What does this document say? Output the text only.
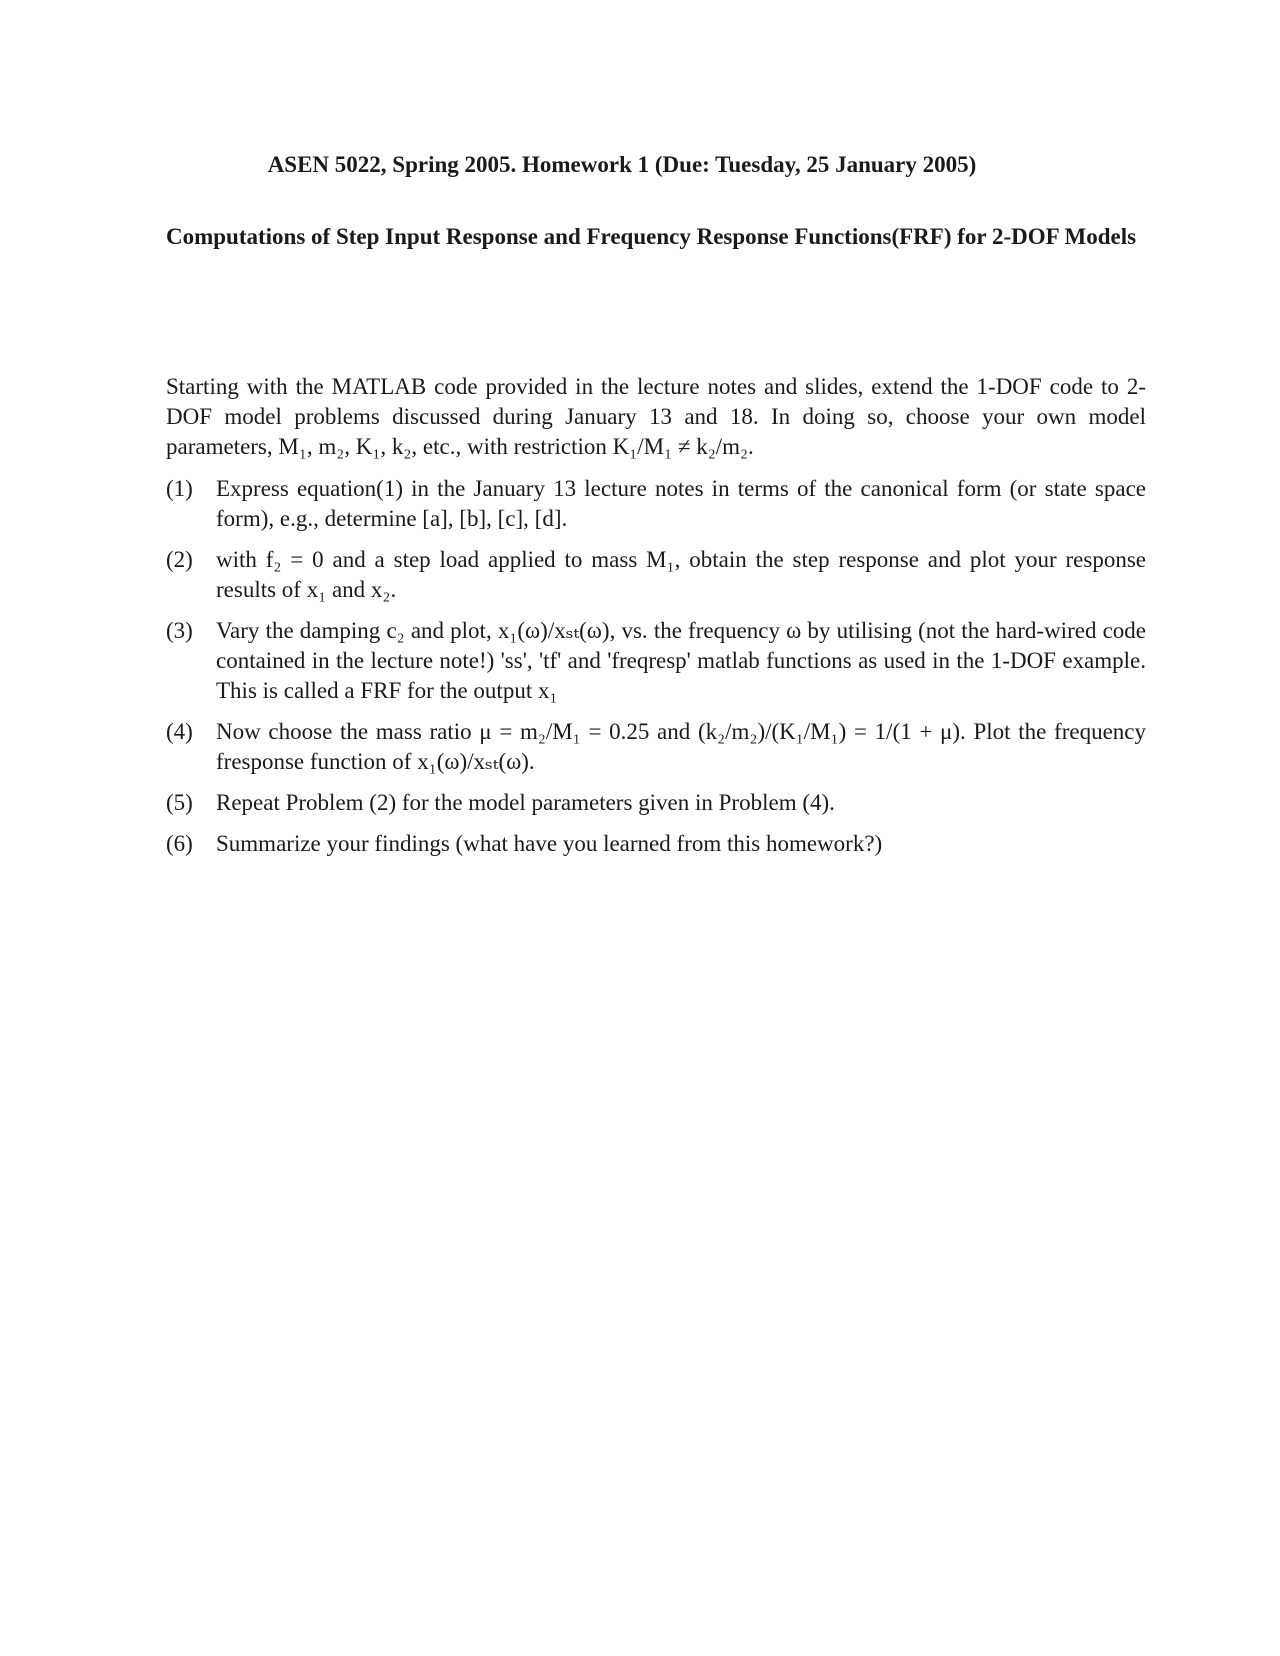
ASEN 5022, Spring 2005. Homework 1 (Due: Tuesday, 25 January 2005)
Computations of Step Input Response and Frequency Response Functions(FRF) for 2-DOF Models

Starting with the MATLAB code provided in the lecture notes and slides, extend the 1-DOF code to 2-DOF model problems discussed during January 13 and 18. In doing so, choose your own model parameters, M₁, m₂, K₁, k₂, etc., with restriction K₁/M₁ ≠ k₂/m₂.

(1) Express equation(1) in the January 13 lecture notes in terms of the canonical form (or state space form), e.g., determine [a], [b], [c], [d].
(2) with f₂ = 0 and a step load applied to mass M₁, obtain the step response and plot your response results of x₁ and x₂.
(3) Vary the damping c₂ and plot, x₁(ω)/xₛₜ(ω), vs. the frequency ω by utilising (not the hard-wired code contained in the lecture note!) 'ss', 'tf' and 'freqresp' matlab functions as used in the 1-DOF example. This is called a FRF for the output x₁
(4) Now choose the mass ratio μ = m₂/M₁ = 0.25 and (k₂/m₂)/(K₁/M₁) = 1/(1 + μ). Plot the frequency fresponse function of x₁(ω)/xₛₜ(ω).
(5) Repeat Problem (2) for the model parameters given in Problem (4).
(6) Summarize your findings (what have you learned from this homework?)
